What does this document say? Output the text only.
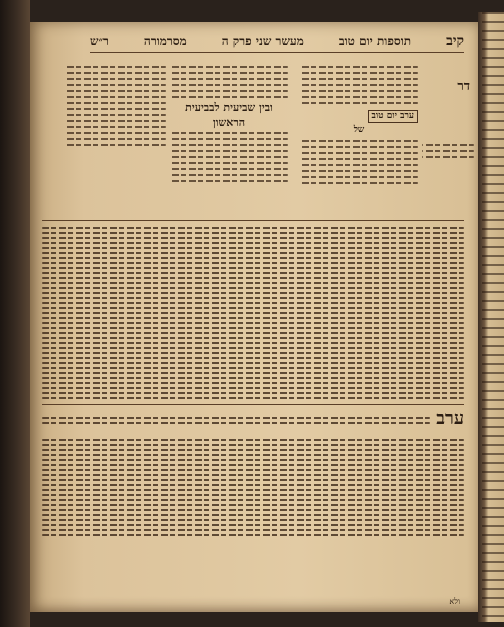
קיב
תוספות יום טוב
מעשר שני פרק ה
מסרמורה
ר״ש
דר
ערב יום טוב
של
ובין שביעית לבביעית
הראשון
ערב
ולא
